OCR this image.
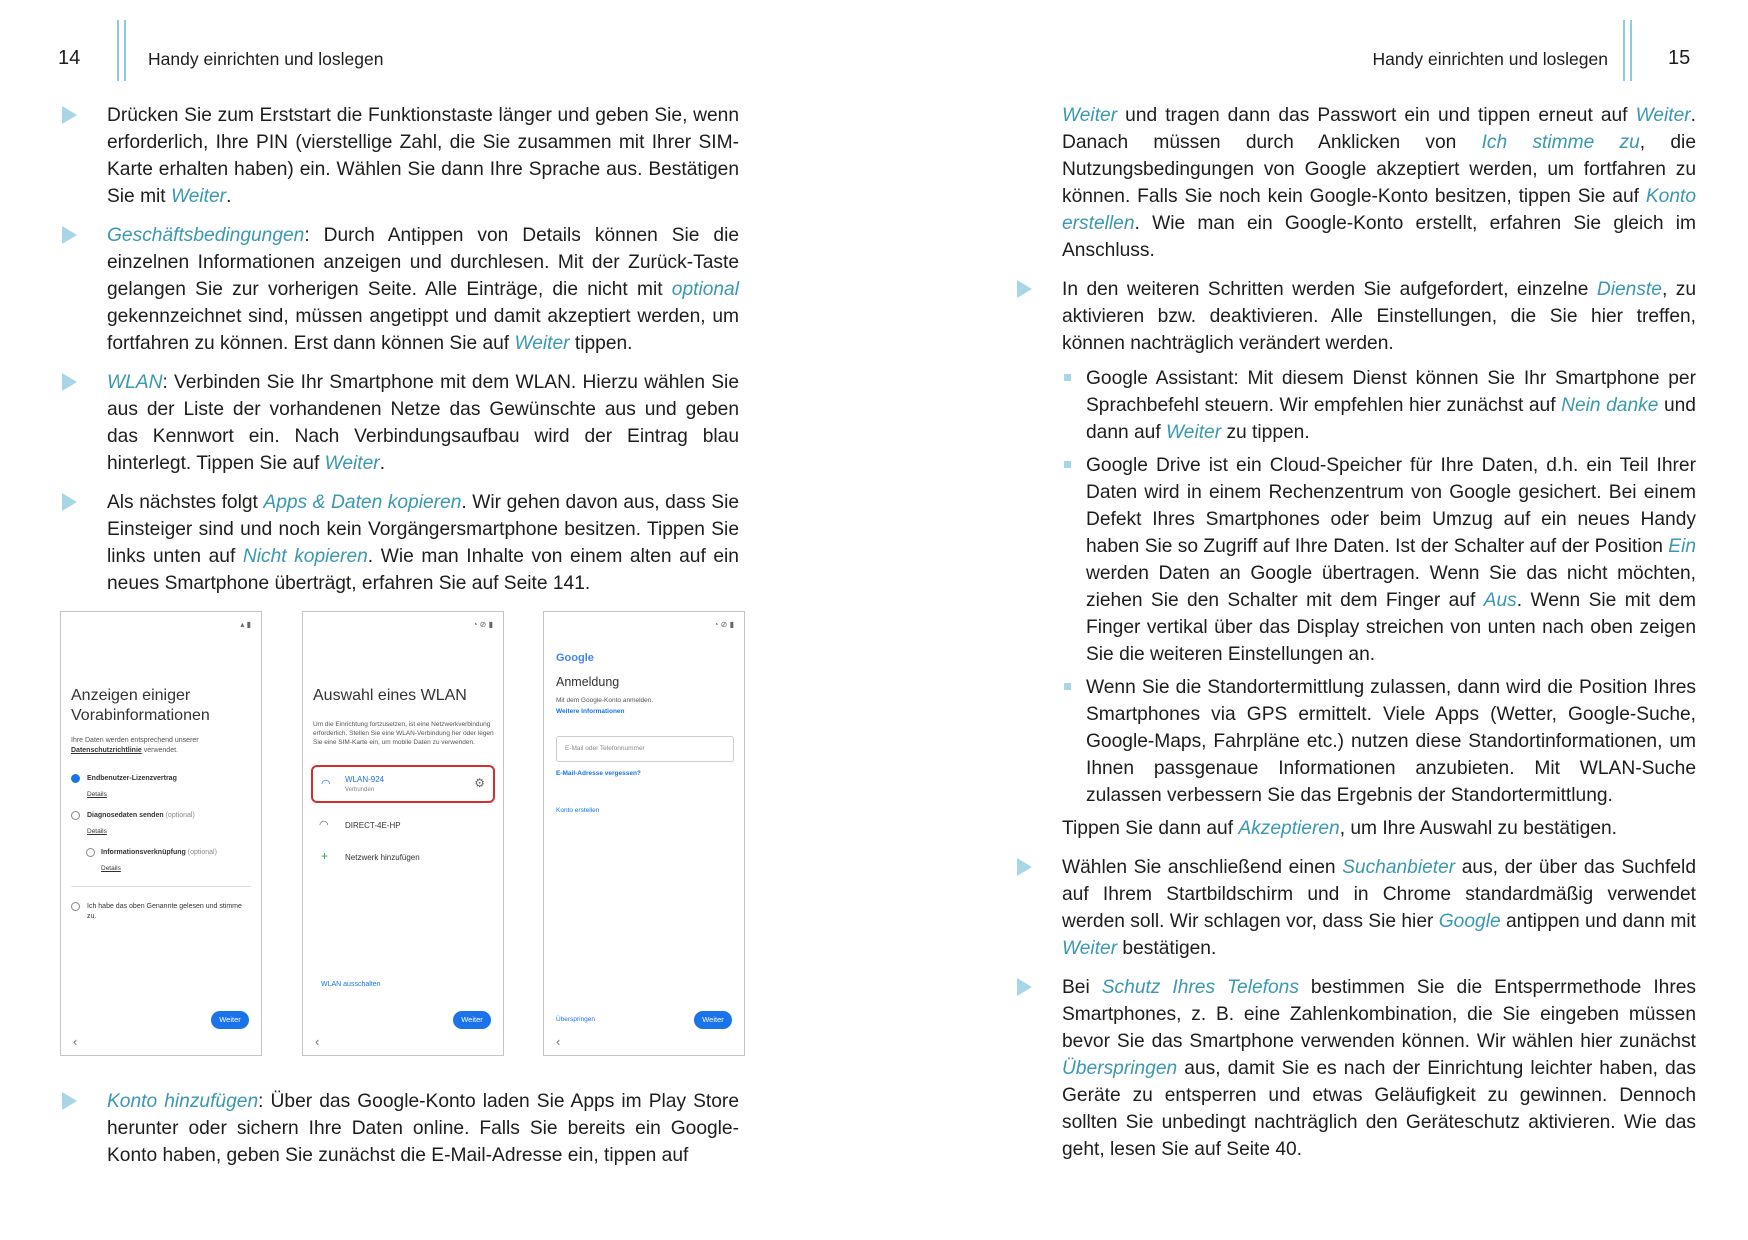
14	Handy einrichten und loslegen	Handy einrichten und loslegen	15

Drücken Sie zum Erststart die Funktionstaste länger und geben Sie, wenn erforderlich, Ihre PIN (vierstellige Zahl, die Sie zusammen mit Ihrer SIM-Karte erhalten haben) ein. Wählen Sie dann Ihre Sprache aus. Bestätigen Sie mit Weiter.

Geschäftsbedingungen: Durch Antippen von Details können Sie die einzelnen Informationen anzeigen und durchlesen. Mit der Zurück-Taste gelangen Sie zur vorherigen Seite. Alle Einträge, die nicht mit optional gekennzeichnet sind, müssen angetippt und damit akzeptiert werden, um fortfahren zu können. Erst dann können Sie auf Weiter tippen.

WLAN: Verbinden Sie Ihr Smartphone mit dem WLAN. Hierzu wählen Sie aus der Liste der vorhandenen Netze das Gewünschte aus und geben das Kennwort ein. Nach Verbindungsaufbau wird der Eintrag blau hinterlegt. Tippen Sie auf Weiter.

Als nächstes folgt Apps & Daten kopieren. Wir gehen davon aus, dass Sie Einsteiger sind und noch kein Vorgängersmartphone besitzen. Tippen Sie links unten auf Nicht kopieren. Wie man Inhalte von einem alten auf ein neues Smartphone überträgt, erfahren Sie auf Seite 141.

▴ ▮
Anzeigen einiger Vorabinformationen
Ihre Daten werden entsprechend unserer
Datenschutzrichtlinie verwendet.
Endbenutzer-Lizenzvertrag
Details
Diagnosedaten senden (optional)
Details
Informationsverknüpfung (optional)
Details
Ich habe das oben Genannte gelesen und stimme zu.
Weiter
‹
◔ ⊘ ▮
Auswahl eines WLAN
Um die Einrichtung fortzusetzen, ist eine Netzwerkverbindung erforderlich. Stellen Sie eine WLAN-Verbindung her oder legen Sie eine SIM-Karte ein, um mobile Daten zu verwenden.
◠ WLAN-924
Verbunden	⚙
◠ DIRECT-4E-HP
+ Netzwerk hinzufügen
WLAN ausschalten
Weiter
‹
◔ ⊘ ▮
Google
Anmeldung
Mit dem Google-Konto anmelden.
Weitere Informationen
E-Mail oder Telefonnummer
E-Mail-Adresse vergessen?
Konto erstellen
Überspringen	Weiter
‹

Konto hinzufügen: Über das Google-Konto laden Sie Apps im Play Store herunter oder sichern Ihre Daten online. Falls Sie bereits ein Google-Konto haben, geben Sie zunächst die E-Mail-Adresse ein, tippen auf

Weiter und tragen dann das Passwort ein und tippen erneut auf Weiter. Danach müssen durch Anklicken von Ich stimme zu, die Nutzungsbedingungen von Google akzeptiert werden, um fortfahren zu können. Falls Sie noch kein Google-Konto besitzen, tippen Sie auf Konto erstellen. Wie man ein Google-Konto erstellt, erfahren Sie gleich im Anschluss.

In den weiteren Schritten werden Sie aufgefordert, einzelne Dienste, zu aktivieren bzw. deaktivieren. Alle Einstellungen, die Sie hier treffen, können nachträglich verändert werden.

Google Assistant: Mit diesem Dienst können Sie Ihr Smartphone per Sprachbefehl steuern. Wir empfehlen hier zunächst auf Nein danke und dann auf Weiter zu tippen.

Google Drive ist ein Cloud-Speicher für Ihre Daten, d.h. ein Teil Ihrer Daten wird in einem Rechenzentrum von Google gesichert. Bei einem Defekt Ihres Smartphones oder beim Umzug auf ein neues Handy haben Sie so Zugriff auf Ihre Daten. Ist der Schalter auf der Position Ein werden Daten an Google übertragen. Wenn Sie das nicht möchten, ziehen Sie den Schalter mit dem Finger auf Aus. Wenn Sie mit dem Finger vertikal über das Display streichen von unten nach oben zeigen Sie die weiteren Einstellungen an.

Wenn Sie die Standortermittlung zulassen, dann wird die Position Ihres Smartphones via GPS ermittelt. Viele Apps (Wetter, Google-Suche, Google-Maps, Fahrpläne etc.) nutzen diese Standortinformationen, um Ihnen passgenaue Informationen anzubieten. Mit WLAN-Suche zulassen verbessern Sie das Ergebnis der Standortermittlung.

Tippen Sie dann auf Akzeptieren, um Ihre Auswahl zu bestätigen.

Wählen Sie anschließend einen Suchanbieter aus, der über das Suchfeld auf Ihrem Startbildschirm und in Chrome standardmäßig verwendet werden soll. Wir schlagen vor, dass Sie hier Google antippen und dann mit Weiter bestätigen.

Bei Schutz Ihres Telefons bestimmen Sie die Entsperrmethode Ihres Smartphones, z. B. eine Zahlenkombination, die Sie eingeben müssen bevor Sie das Smartphone verwenden können. Wir wählen hier zunächst Überspringen aus, damit Sie es nach der Einrichtung leichter haben, das Geräte zu entsperren und etwas Geläufigkeit zu gewinnen. Dennoch sollten Sie unbedingt nachträglich den Geräteschutz aktivieren. Wie das geht, lesen Sie auf Seite 40.
